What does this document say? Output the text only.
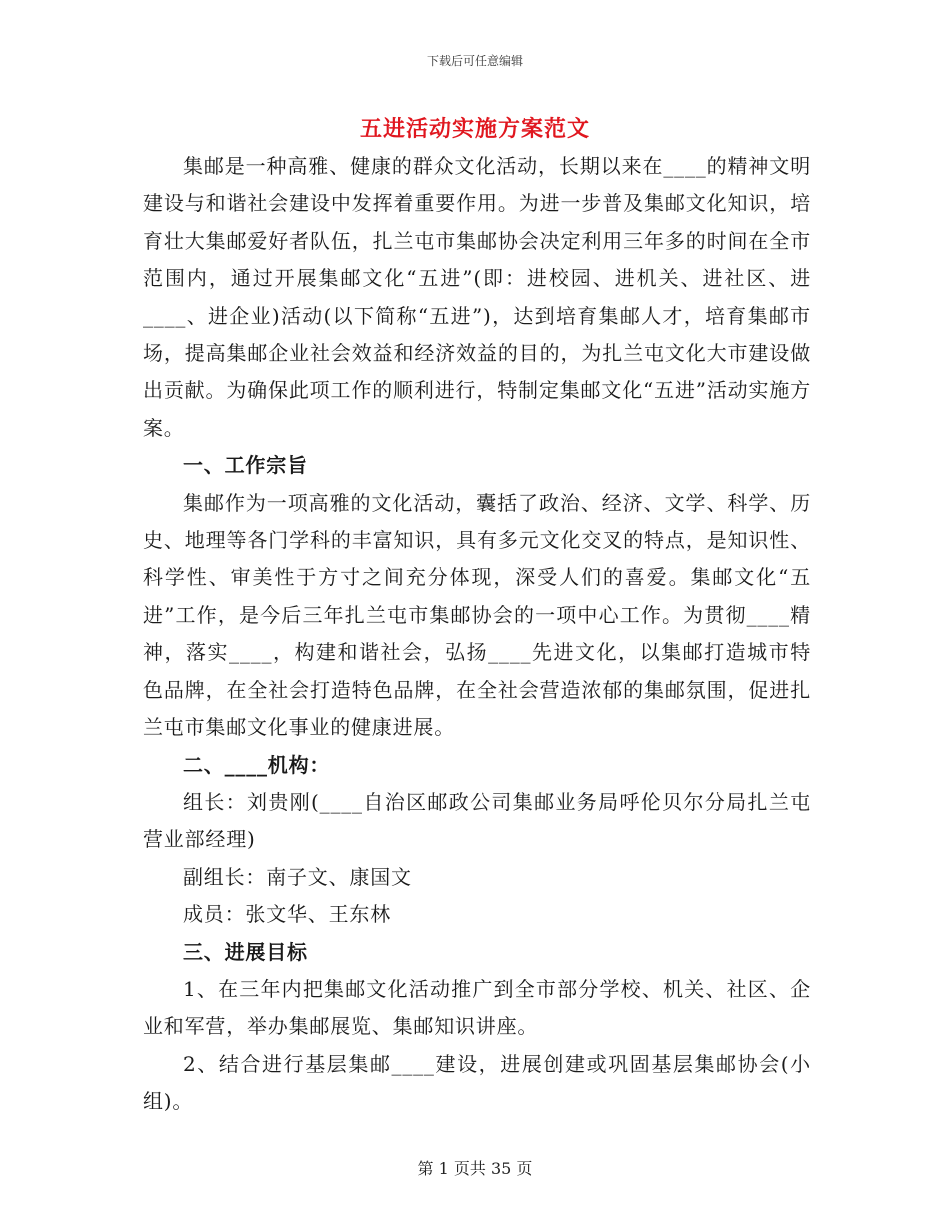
下载后可任意编辑
五进活动实施方案范文

集邮是一种高雅、健康的群众文化活动，长期以来在____的精神文明建设与和谐社会建设中发挥着重要作用。为进一步普及集邮文化知识，培育壮大集邮爱好者队伍，扎兰屯市集邮协会决定利用三年多的时间在全市范围内，通过开展集邮文化“五进”(即：进校园、进机关、进社区、进____、进企业)活动(以下简称“五进”)，达到培育集邮人才，培育集邮市场，提高集邮企业社会效益和经济效益的目的，为扎兰屯文化大市建设做出贡献。为确保此项工作的顺利进行，特制定集邮文化“五进”活动实施方案。

一、工作宗旨

集邮作为一项高雅的文化活动，囊括了政治、经济、文学、科学、历史、地理等各门学科的丰富知识，具有多元文化交叉的特点，是知识性、科学性、审美性于方寸之间充分体现，深受人们的喜爱。集邮文化“五进”工作，是今后三年扎兰屯市集邮协会的一项中心工作。为贯彻____精神，落实____，构建和谐社会，弘扬____先进文化，以集邮打造城市特色品牌，在全社会打造特色品牌，在全社会营造浓郁的集邮氛围，促进扎兰屯市集邮文化事业的健康进展。

二、____机构：

组长：刘贵刚(____自治区邮政公司集邮业务局呼伦贝尔分局扎兰屯营业部经理)

副组长：南子文、康国文

成员：张文华、王东林

三、进展目标

1、在三年内把集邮文化活动推广到全市部分学校、机关、社区、企业和军营，举办集邮展览、集邮知识讲座。

2、结合进行基层集邮____建设，进展创建或巩固基层集邮协会(小组)。

第 1 页共 35 页
